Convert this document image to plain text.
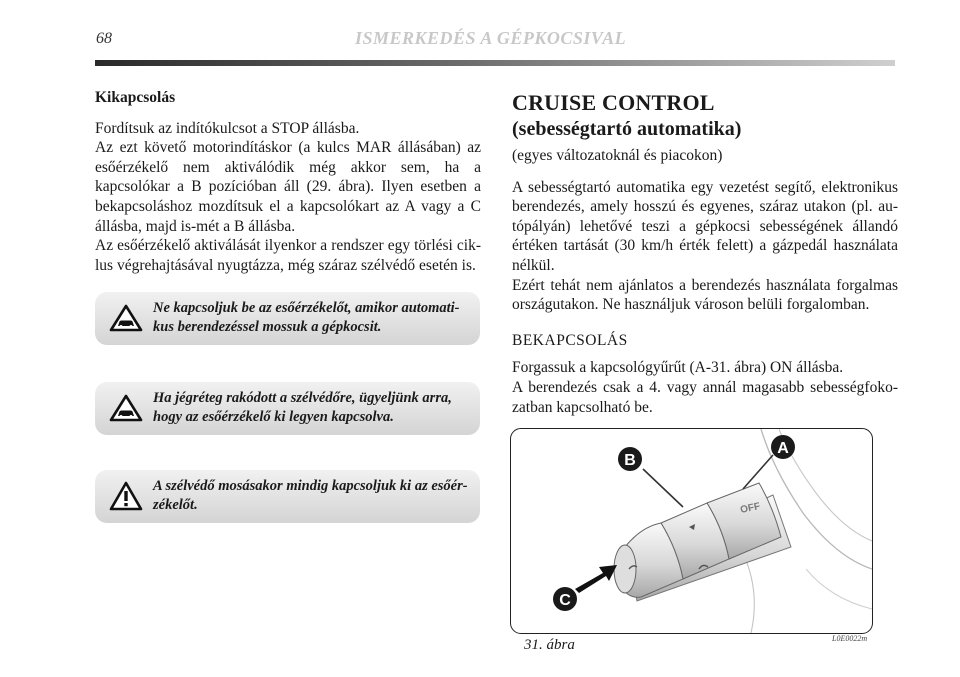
68	ISMERKEDÉS A GÉPKOCSIVAL

Kikapcsolás

Fordítsuk az indítókulcsot a STOP állásba.

Az ezt követő motorindításkor (a kulcs MAR állásában) az esőérzékelő nem aktiválódik még akkor sem, ha a kapcsolókar a B pozícióban áll (29. ábra). Ilyen esetben a bekapcsoláshoz mozdítsuk el a kapcsolókart az A vagy a C állásba, majd is-mét a B állásba.

Az esőérzékelő aktiválását ilyenkor a rendszer egy törlési cik-lus végrehajtásával nyugtázza, még száraz szélvédő esetén is.

Ne kapcsoljuk be az esőérzékelőt, amikor automati-kus berendezéssel mossuk a gépkocsit.
Ha jégréteg rakódott a szélvédőre, ügyeljünk arra, hogy az esőérzékelő ki legyen kapcsolva.
A szélvédő mosásakor mindig kapcsoljuk ki az esőér-zékelőt.

CRUISE CONTROL

(sebességtartó automatika)

(egyes változatoknál és piacokon)

A sebességtartó automatika egy vezetést segítő, elektronikus berendezés, amely hosszú és egyenes, száraz utakon (pl. au-tópályán) lehetővé teszi a gépkocsi sebességének állandó értéken tartását (30 km/h érték felett) a gázpedál használata nélkül.

Ezért tehát nem ajánlatos a berendezés használata forgalmas országutakon. Ne használjuk városon belüli forgalomban.

BEKAPCSOLÁS

Forgassuk a kapcsológyűrűt (A-31. ábra) ON állásba.

A berendezés csak a 4. vagy annál magasabb sebességfoko-zatban kapcsolható be.

OFF
B
A
C
31. ábra	L0E0022m
